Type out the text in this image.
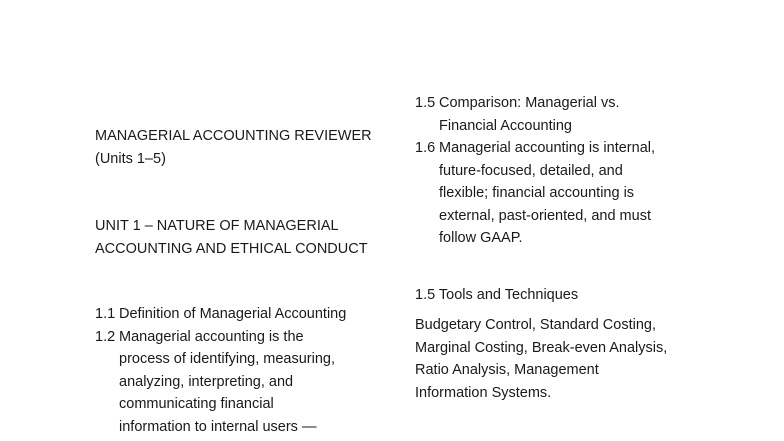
MANAGERIAL ACCOUNTING REVIEWER
(Units 1–5)
UNIT 1 – NATURE OF MANAGERIAL
ACCOUNTING AND ETHICAL CONDUCT
1.1 Definition of Managerial Accounting
1.2 Managerial accounting is the
process of identifying, measuring,
analyzing, interpreting, and
communicating financial
information to internal users —
1.5 Comparison: Managerial vs.
Financial Accounting
1.6 Managerial accounting is internal,
future-focused, detailed, and
flexible; financial accounting is
external, past-oriented, and must
follow GAAP.
1.5 Tools and Techniques
Budgetary Control, Standard Costing,
Marginal Costing, Break-even Analysis,
Ratio Analysis, Management
Information Systems.
